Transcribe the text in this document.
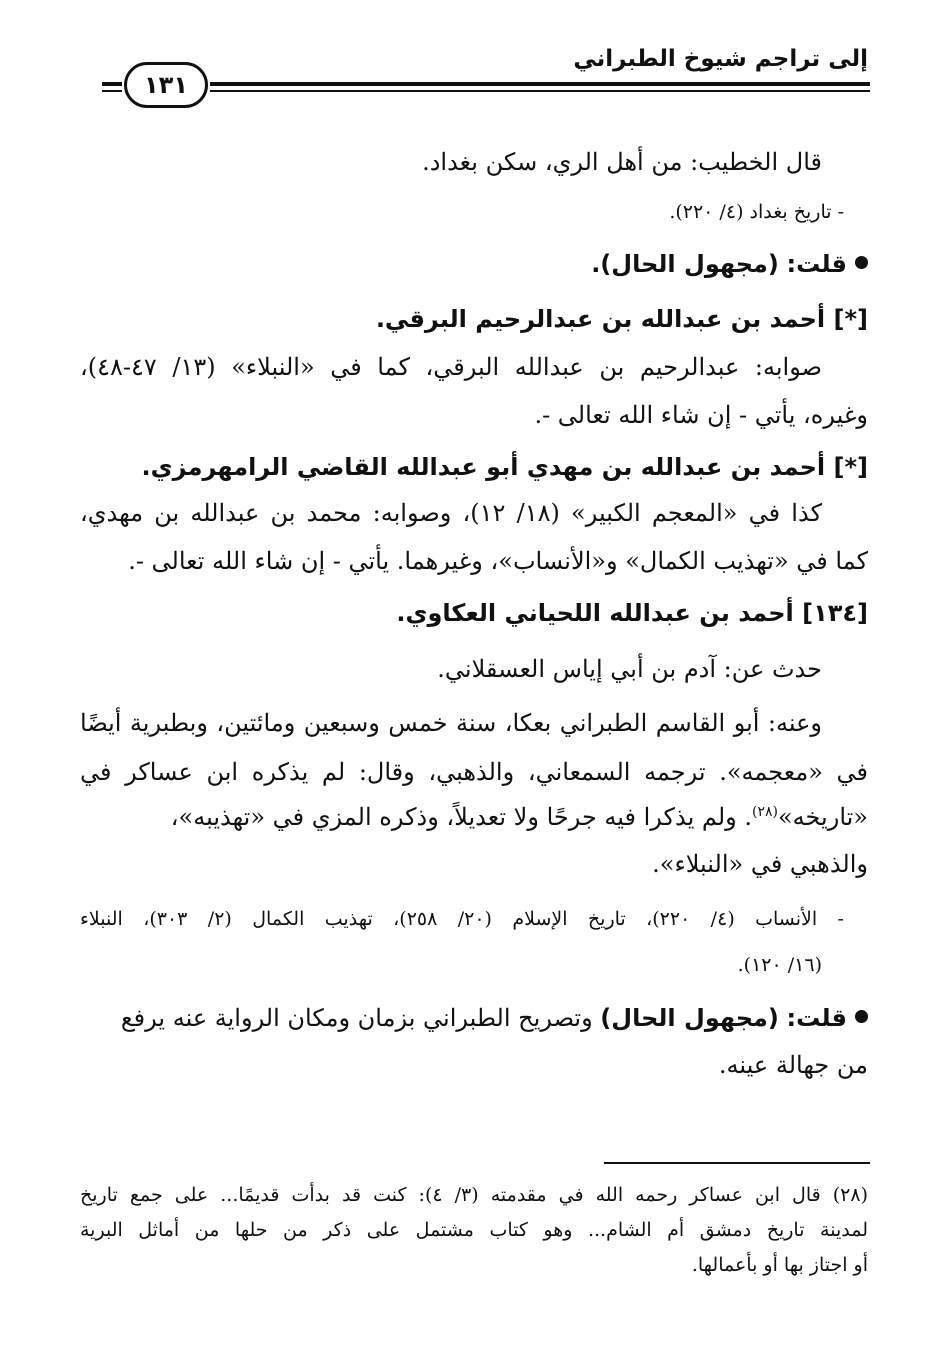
إلى تراجم شيوخ الطبراني
١٣١
قال الخطيب: من أهل الري، سكن بغداد.
- تاريخ بغداد (٤/ ٢٢٠).
قلت: (مجهول الحال).
[*] أحمد بن عبدالله بن عبدالرحيم البرقي.
صوابه: عبدالرحيم بن عبدالله البرقي، كما في «النبلاء» (١٣/ ٤٧-٤٨)،
وغيره، يأتي - إن شاء الله تعالى -.
[*] أحمد بن عبدالله بن مهدي أبو عبدالله القاضي الرامهرمزي.
كذا في «المعجم الكبير» (١٨/ ١٢)، وصوابه: محمد بن عبدالله بن مهدي،
كما في «تهذيب الكمال» و«الأنساب»، وغيرهما. يأتي - إن شاء الله تعالى -.
[١٣٤] أحمد بن عبدالله اللحياني العكاوي.
حدث عن: آدم بن أبي إياس العسقلاني.
وعنه: أبو القاسم الطبراني بعكا، سنة خمس وسبعين ومائتين، وبطبرية أيضًا
في «معجمه». ترجمه السمعاني، والذهبي، وقال: لم يذكره ابن عساكر في
«تاريخه»$^{(٢٨)}$. ولم يذكرا فيه جرحًا ولا تعديلاً، وذكره المزي في «تهذيبه»،
والذهبي في «النبلاء».
- الأنساب (٤/ ٢٢٠)، تاريخ الإسلام (٢٠/ ٢٥٨)، تهذيب الكمال (٢/ ٣٠٣)، النبلاء
(١٦/ ١٢٠).
قلت: (مجهول الحال) وتصريح الطبراني بزمان ومكان الرواية عنه يرفع
من جهالة عينه.
(٢٨) قال ابن عساكر رحمه الله في مقدمته (٣/ ٤): كنت قد بدأت قديمًا... على جمع تاريخ
لمدينة تاريخ دمشق أم الشام... وهو كتاب مشتمل على ذكر من حلها من أماثل البرية
أو اجتاز بها أو بأعمالها.
